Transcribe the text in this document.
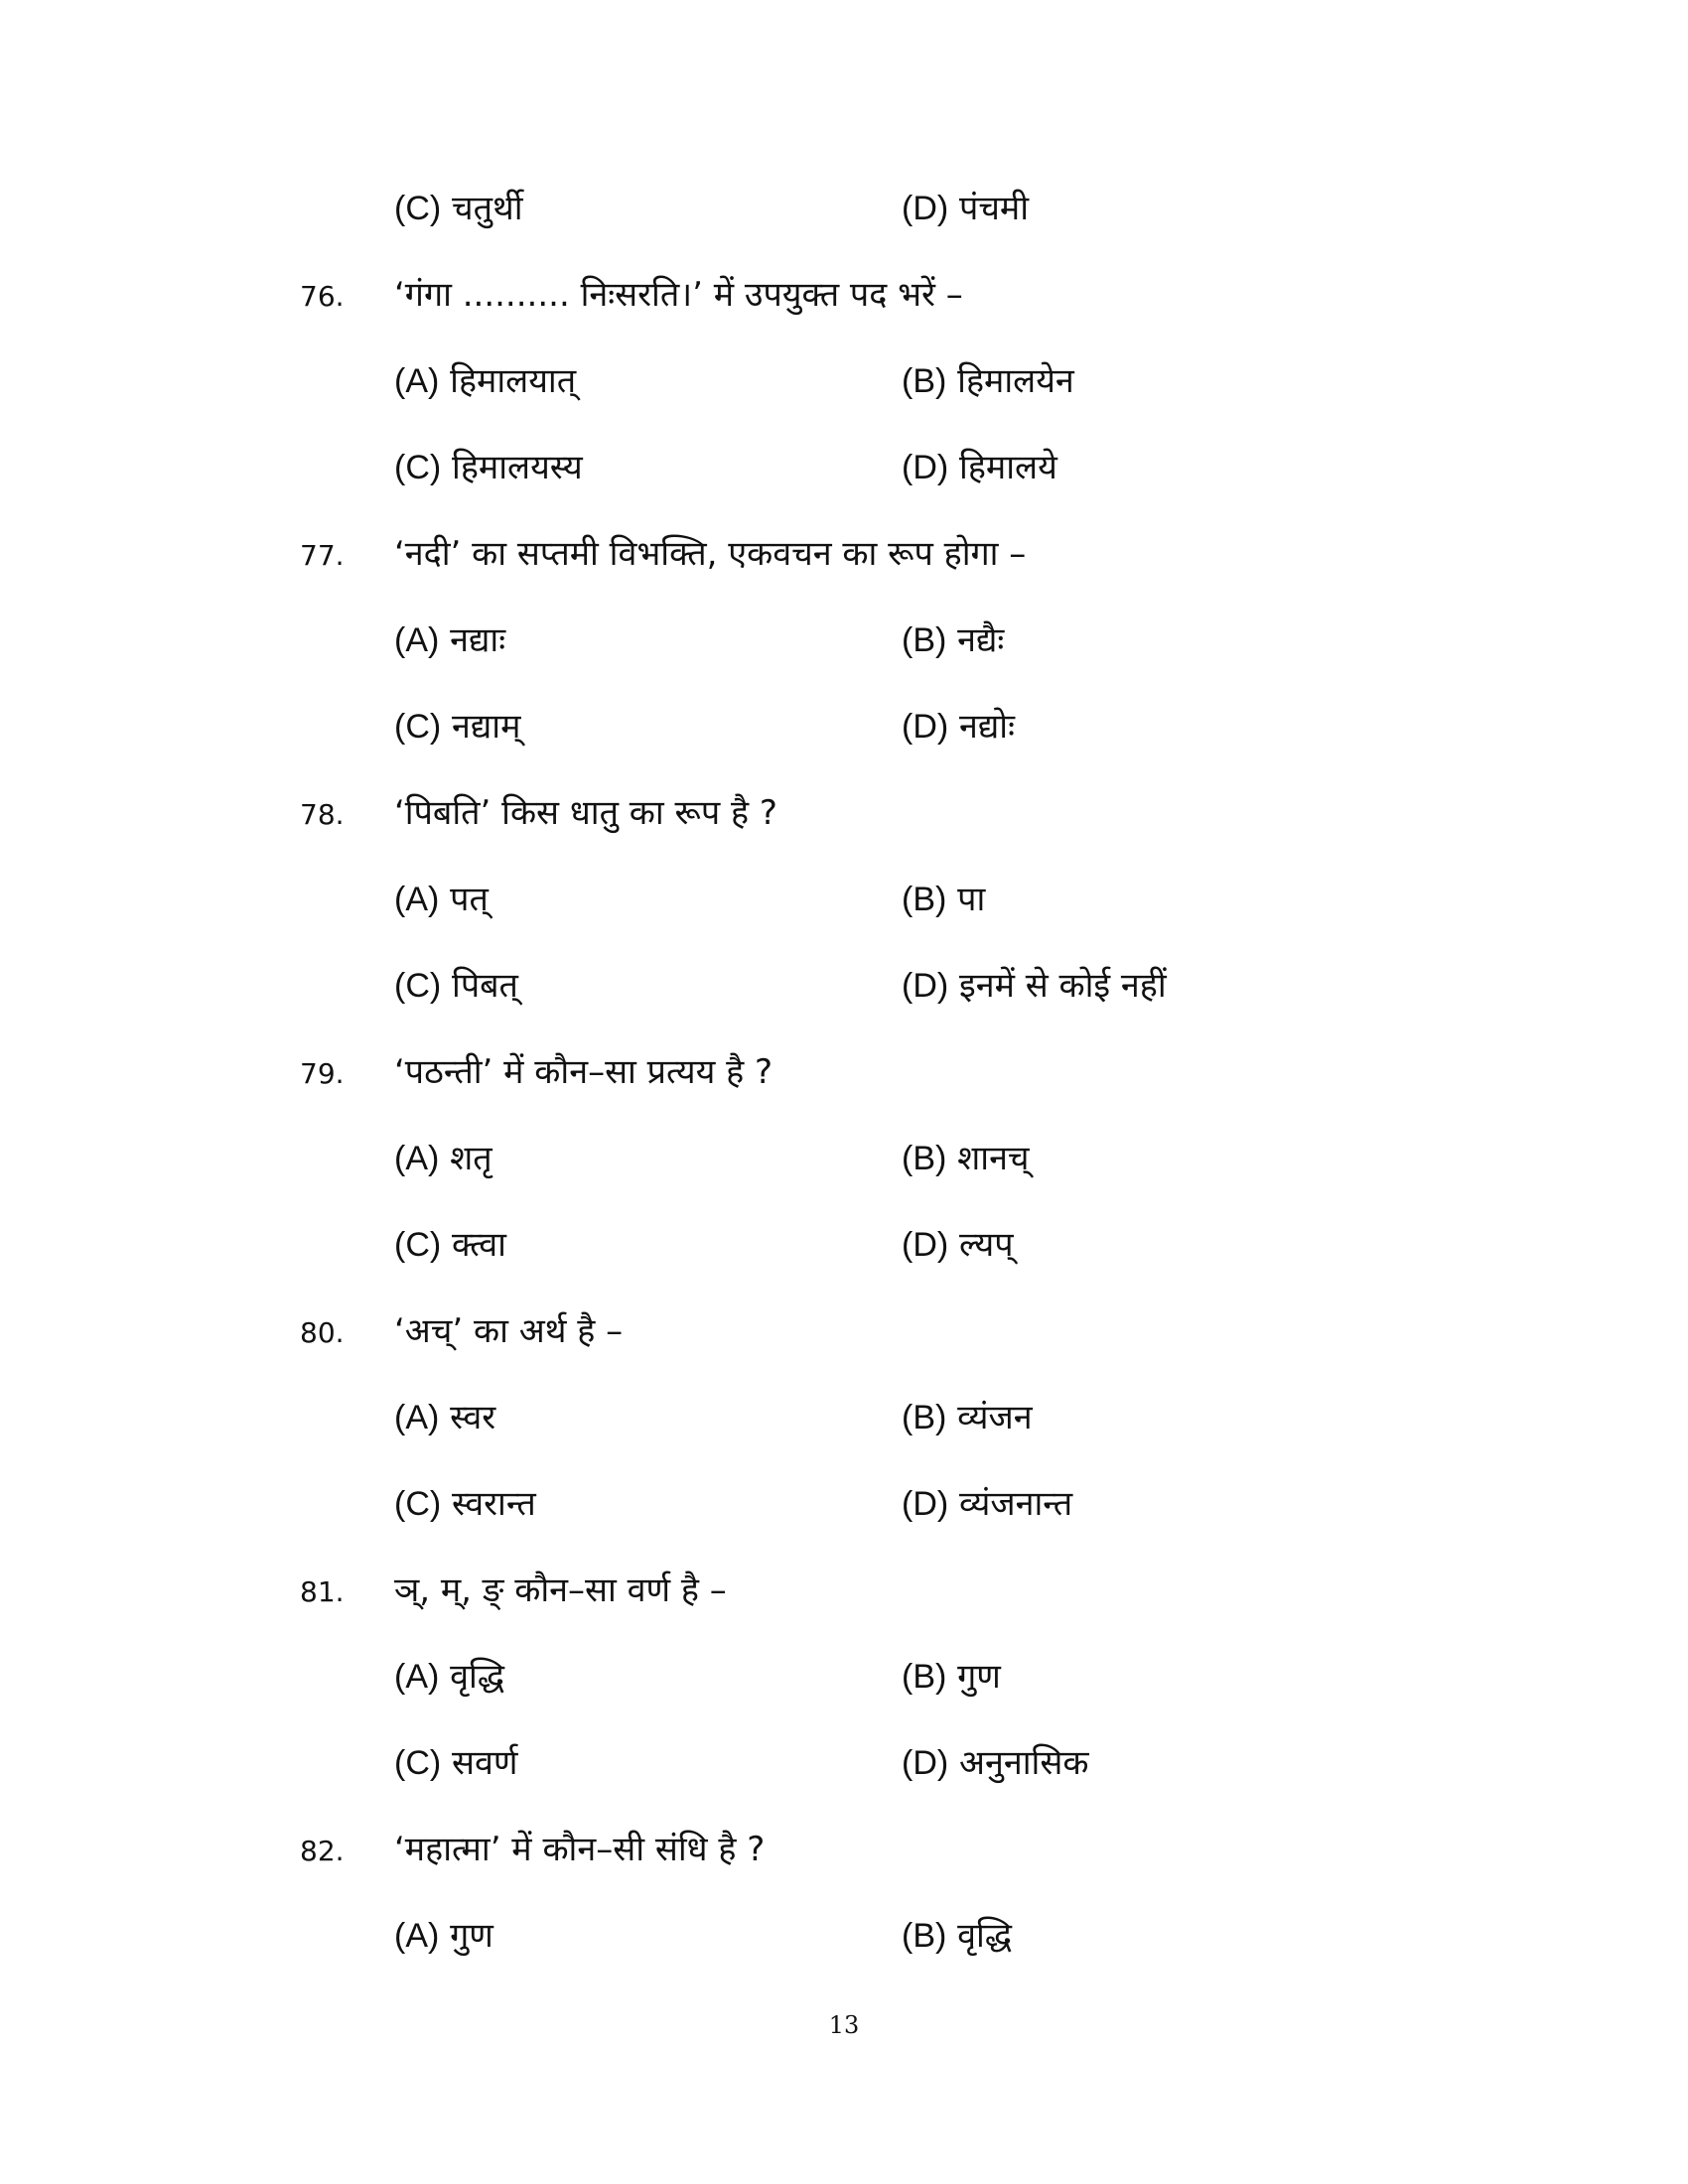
(C) चतुर्थी	(D) पंचमी
76. ‘गंगा .......... निःसरति।’ में उपयुक्त पद भरें –
(A) हिमालयात्	(B) हिमालयेन
(C) हिमालयस्य	(D) हिमालये
77. ‘नदी’ का सप्तमी विभक्ति, एकवचन का रूप होगा –
(A) नद्याः	(B) नद्यैः
(C) नद्याम्	(D) नद्योः
78. ‘पिबति’ किस धातु का रूप है ?
(A) पत्	(B) पा
(C) पिबत्	(D) इनमें से कोई नहीं
79. ‘पठन्ती’ में कौन–सा प्रत्यय है ?
(A) शतृ	(B) शानच्
(C) क्त्वा	(D) ल्यप्
80. ‘अच्’ का अर्थ है –
(A) स्वर	(B) व्यंजन
(C) स्वरान्त	(D) व्यंजनान्त
81. ञ्, म्, ङ् कौन–सा वर्ण है –
(A) वृद्धि	(B) गुण
(C) सवर्ण	(D) अनुनासिक
82. ‘महात्मा’ में कौन–सी संधि है ?
(A) गुण	(B) वृद्धि
13
